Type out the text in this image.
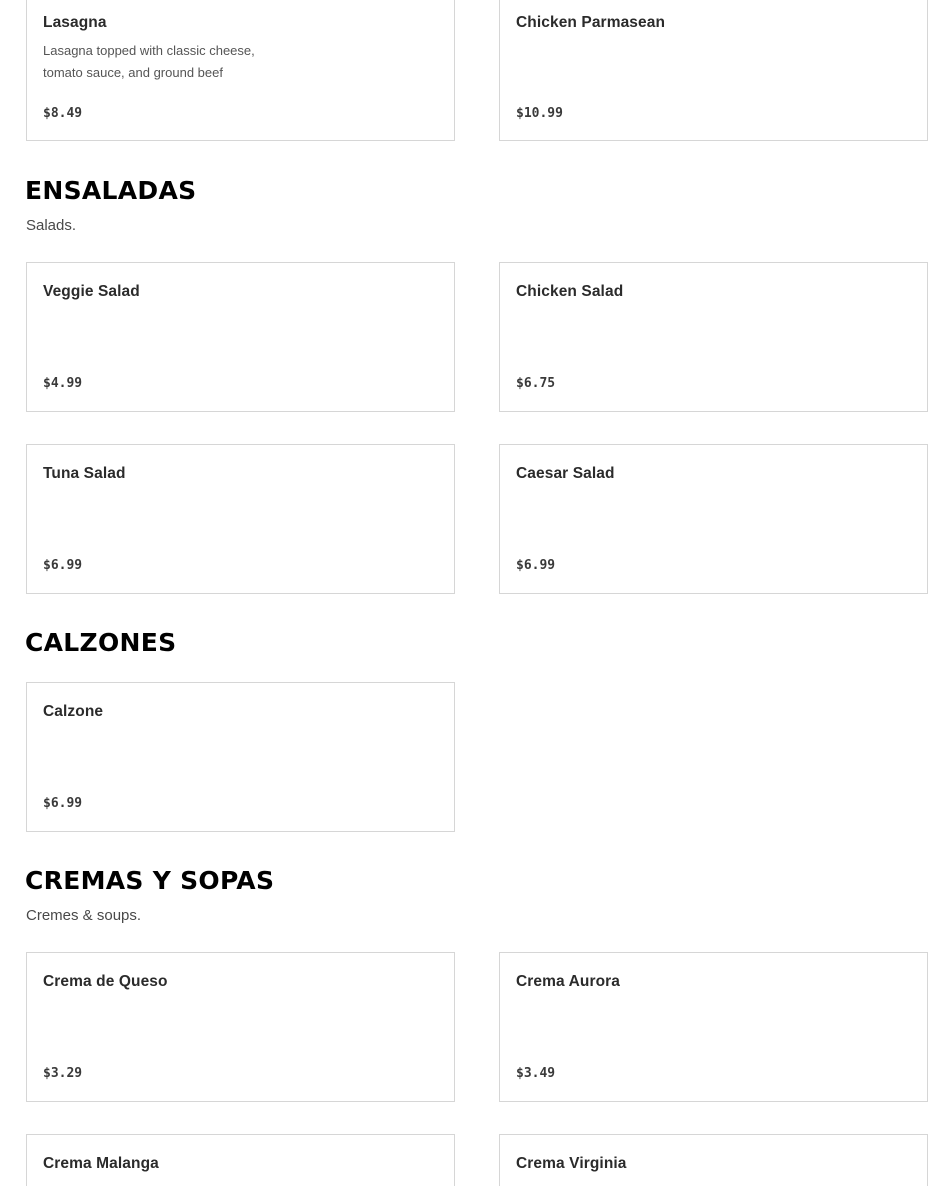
Lasagna
Lasagna topped with classic cheese, tomato sauce, and ground beef
$8.49
Chicken Parmasean
$10.99
ENSALADAS
Salads.
Veggie Salad
$4.99
Chicken Salad
$6.75
Tuna Salad
$6.99
Caesar Salad
$6.99
CALZONES
Calzone
$6.99
CREMAS Y SOPAS
Cremes & soups.
Crema de Queso
$3.29
Crema Aurora
$3.49
Crema Malanga	Crema Virginia
